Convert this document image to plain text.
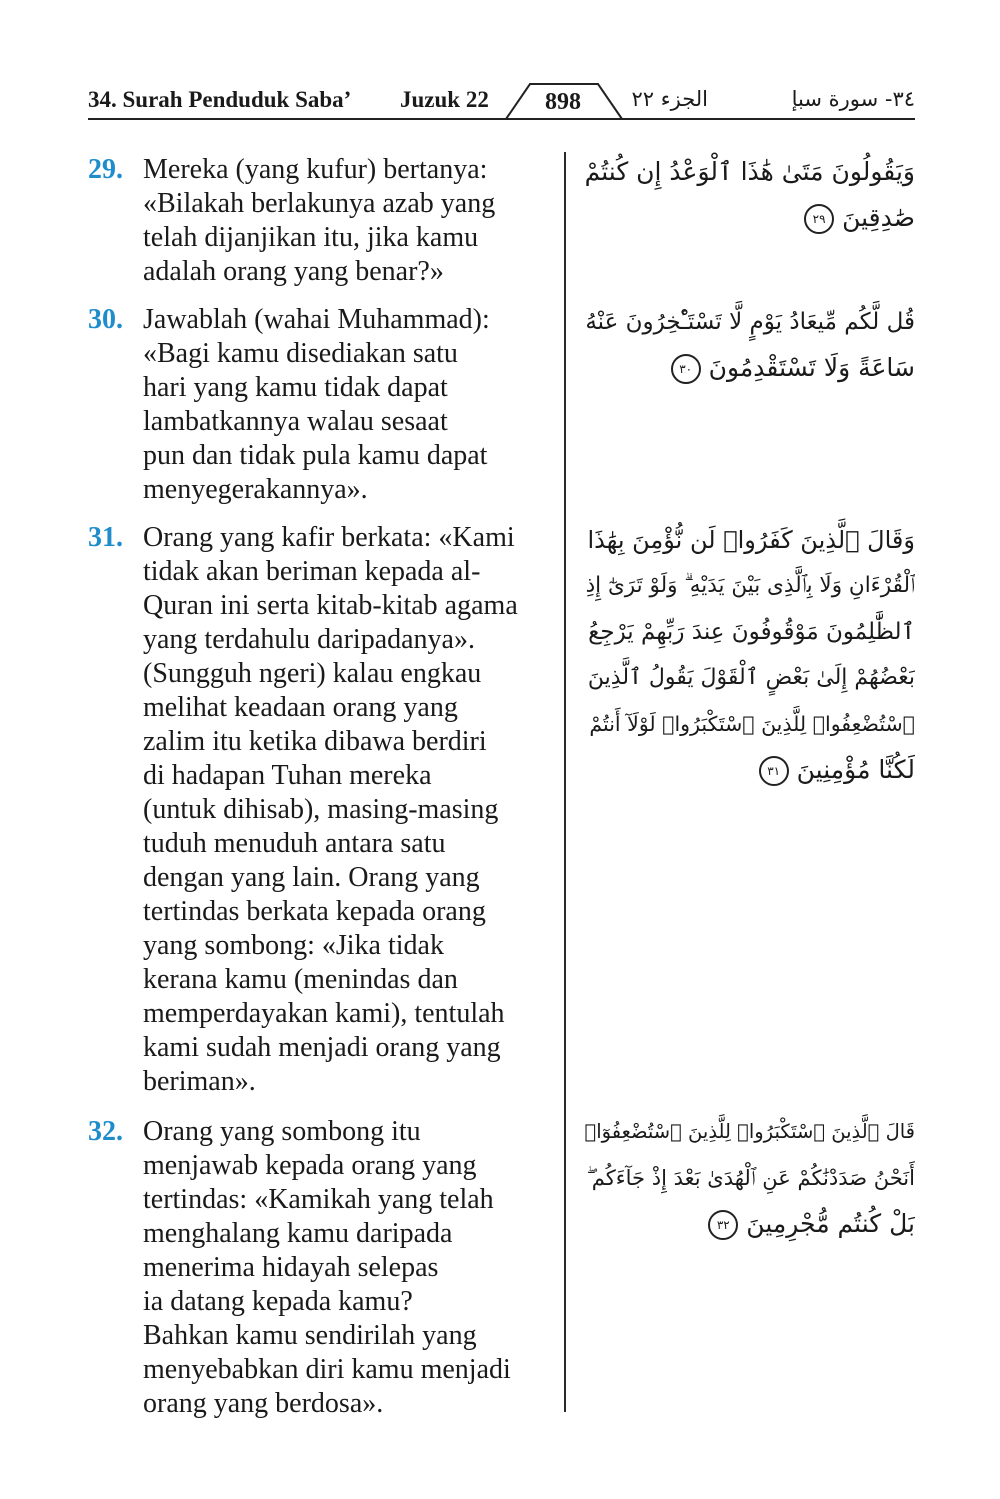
34. Surah Penduduk Saba’ Juzuk 22	898	الجزء ٢٢	٣٤- سورة سبإ
29. Mereka (yang kufur) bertanya:
«Bilakah berlakunya azab yang
telah dijanjikan itu, jika kamu
adalah orang yang benar?»
وَيَقُولُونَ مَتَىٰ هَٰذَا ٱلْوَعْدُ إِن كُنتُمْ
صَٰدِقِينَ٢٩
30. Jawablah (wahai Muhammad):
«Bagi kamu disediakan satu
hari yang kamu tidak dapat
lambatkannya walau sesaat
pun dan tidak pula kamu dapat
menyegerakannya».
قُل لَّكُم مِّيعَادُ يَوْمٍ لَّا تَسْتَـْٔخِرُونَ عَنْهُ
سَاعَةً وَلَا تَسْتَقْدِمُونَ٣٠
31. Orang yang kafir berkata: «Kami
tidak akan beriman kepada al-
Quran ini serta kitab-kitab agama
yang terdahulu daripadanya».
(Sungguh ngeri) kalau engkau
melihat keadaan orang yang
zalim itu ketika dibawa berdiri
di hadapan Tuhan mereka
(untuk dihisab), masing-masing
tuduh menuduh antara satu
dengan yang lain. Orang yang
tertindas berkata kepada orang
yang sombong: «Jika tidak
kerana kamu (menindas dan
memperdayakan kami), tentulah
kami sudah menjadi orang yang
beriman».
وَقَالَ ٱلَّذِينَ كَفَرُوا۟ لَن نُّؤْمِنَ بِهَٰذَا
ٱلْقُرْءَانِ وَلَا بِٱلَّذِى بَيْنَ يَدَيْهِ ۗ وَلَوْ تَرَىٰٓ إِذِ
ٱلظَّٰلِمُونَ مَوْقُوفُونَ عِندَ رَبِّهِمْ يَرْجِعُ
بَعْضُهُمْ إِلَىٰ بَعْضٍ ٱلْقَوْلَ يَقُولُ ٱلَّذِينَ
ٱسْتُضْعِفُوا۟ لِلَّذِينَ ٱسْتَكْبَرُوا۟ لَوْلَآ أَنتُمْ
لَكُنَّا مُؤْمِنِينَ٣١
32. Orang yang sombong itu
menjawab kepada orang yang
tertindas: «Kamikah yang telah
menghalang kamu daripada
menerima hidayah selepas
ia datang kepada kamu?
Bahkan kamu sendirilah yang
menyebabkan diri kamu menjadi
orang yang berdosa».
قَالَ ٱلَّذِينَ ٱسْتَكْبَرُوا۟ لِلَّذِينَ ٱسْتُضْعِفُوٓا۟
أَنَحْنُ صَدَدْنَٰكُمْ عَنِ ٱلْهُدَىٰ بَعْدَ إِذْ جَآءَكُم ۖ
بَلْ كُنتُم مُّجْرِمِينَ٣٢
